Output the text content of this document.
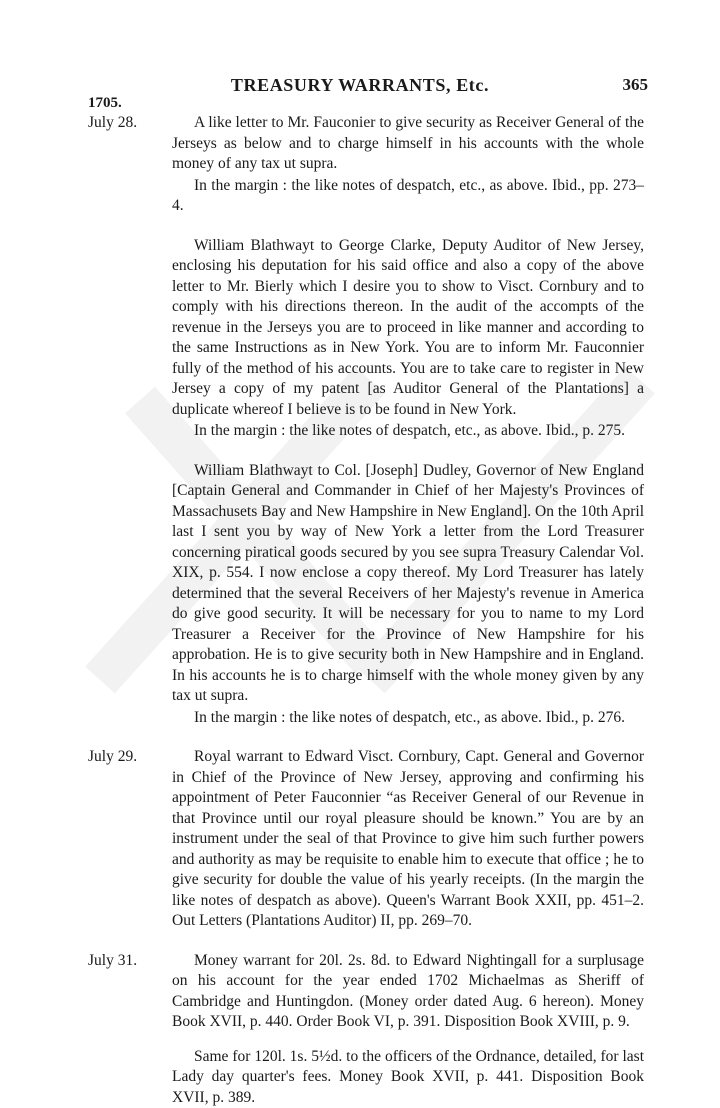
TREASURY WARRANTS, Etc.	365
1705.
July 28.	A like letter to Mr. Fauconier to give security as Receiver General of the Jerseys as below and to charge himself in his accounts with the whole money of any tax ut supra.

In the margin : the like notes of despatch, etc., as above. Ibid., pp. 273–4.

William Blathwayt to George Clarke, Deputy Auditor of New Jersey, enclosing his deputation for his said office and also a copy of the above letter to Mr. Bierly which I desire you to show to Visct. Cornbury and to comply with his directions thereon. In the audit of the accompts of the revenue in the Jerseys you are to proceed in like manner and according to the same Instructions as in New York. You are to inform Mr. Fauconnier fully of the method of his accounts. You are to take care to register in New Jersey a copy of my patent [as Auditor General of the Plantations] a duplicate whereof I believe is to be found in New York.

In the margin : the like notes of despatch, etc., as above. Ibid., p. 275.

William Blathwayt to Col. [Joseph] Dudley, Governor of New England [Captain General and Commander in Chief of her Majesty's Provinces of Massachusets Bay and New Hampshire in New England]. On the 10th April last I sent you by way of New York a letter from the Lord Treasurer concerning piratical goods secured by you see supra Treasury Calendar Vol. XIX, p. 554. I now enclose a copy thereof. My Lord Treasurer has lately determined that the several Receivers of her Majesty's revenue in America do give good security. It will be necessary for you to name to my Lord Treasurer a Receiver for the Province of New Hampshire for his approbation. He is to give security both in New Hampshire and in England. In his accounts he is to charge himself with the whole money given by any tax ut supra.

In the margin : the like notes of despatch, etc., as above. Ibid., p. 276.

July 29.	Royal warrant to Edward Visct. Cornbury, Capt. General and Governor in Chief of the Province of New Jersey, approving and confirming his appointment of Peter Fauconnier “as Receiver General of our Revenue in that Province until our royal pleasure should be known.” You are by an instrument under the seal of that Province to give him such further powers and authority as may be requisite to enable him to execute that office ; he to give security for double the value of his yearly receipts. (In the margin the like notes of despatch as above). Queen's Warrant Book XXII, pp. 451–2. Out Letters (Plantations Auditor) II, pp. 269–70.

July 31.	Money warrant for 20l. 2s. 8d. to Edward Nightingall for a surplusage on his account for the year ended 1702 Michaelmas as Sheriff of Cambridge and Huntingdon. (Money order dated Aug. 6 hereon). Money Book XVII, p. 440. Order Book VI, p. 391. Disposition Book XVIII, p. 9.

Same for 120l. 1s. 5½d. to the officers of the Ordnance, detailed, for last Lady day quarter's fees. Money Book XVII, p. 441. Disposition Book XVII, p. 389.
